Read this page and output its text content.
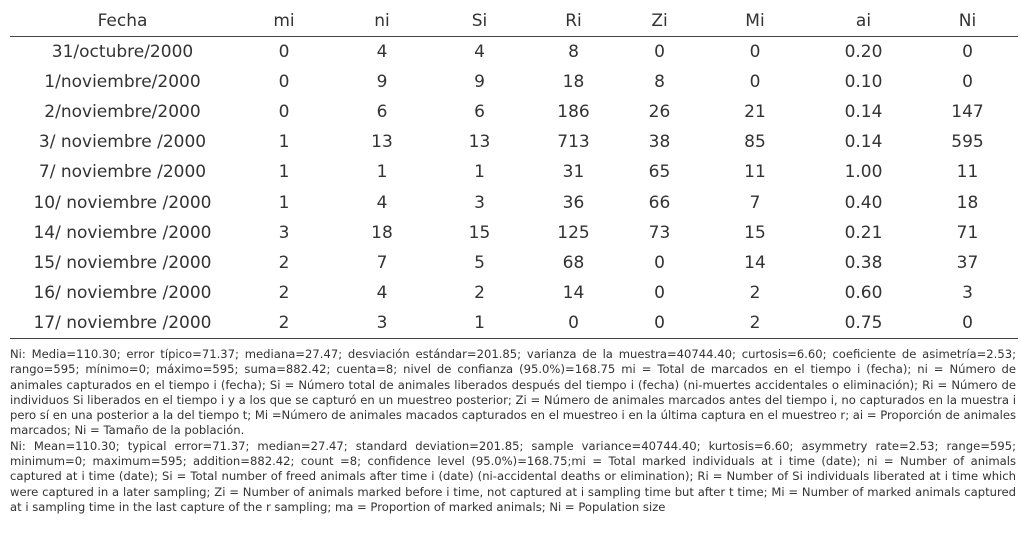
Fecha	mi	ni	Si	Ri	Zi	Mi	ai	Ni
31/octubre/2000	0	4	4	8	0	0	0.20	0
1/noviembre/2000	0	9	9	18	8	0	0.10	0
2/noviembre/2000	0	6	6	186	26	21	0.14	147
3/ noviembre /2000	1	13	13	713	38	85	0.14	595
7/ noviembre /2000	1	1	1	31	65	11	1.00	11
10/ noviembre /2000	1	4	3	36	66	7	0.40	18
14/ noviembre /2000	3	18	15	125	73	15	0.21	71
15/ noviembre /2000	2	7	5	68	0	14	0.38	37
16/ noviembre /2000	2	4	2	14	0	2	0.60	3
17/ noviembre /2000	2	3	1	0	0	2	0.75	0

Ni: Media=110.30; error típico=71.37; mediana=27.47; desviación estándar=201.85; varianza de la muestra=40744.40; curtosis=6.60; coeficiente de asimetría=2.53; rango=595; mínimo=0; máximo=595; suma=882.42; cuenta=8; nivel de confianza (95.0%)=168.75 mi = Total de marcados en el tiempo i (fecha); ni = Número de animales capturados en el tiempo i (fecha); Si = Número total de animales liberados después del tiempo i (fecha) (ni-muertes accidentales o eliminación); Ri = Número de individuos Si liberados en el tiempo i y a los que se capturó en un muestreo posterior; Zi = Número de animales marcados antes del tiempo i, no capturados en la muestra i pero sí en una posterior a la del tiempo t; Mi =Número de animales macados capturados en el muestreo i en la última captura en el muestreo r; ai = Proporción de animales marcados; Ni = Tamaño de la población.

Ni: Mean=110.30; typical error=71.37; median=27.47; standard deviation=201.85; sample variance=40744.40; kurtosis=6.60; asymmetry rate=2.53; range=595; minimum=0; maximum=595; addition=882.42; count =8; confidence level (95.0%)=168.75;mi = Total marked individuals at i time (date); ni = Number of animals captured at i time (date); Si = Total number of freed animals after time i (date) (ni-accidental deaths or elimination); Ri = Number of Si individuals liberated at i time which were captured in a later sampling; Zi = Number of animals marked before i time, not captured at i sampling time but after t time; Mi = Number of marked animals captured at i sampling time in the last capture of the r sampling; ma = Proportion of marked animals; Ni = Population size
